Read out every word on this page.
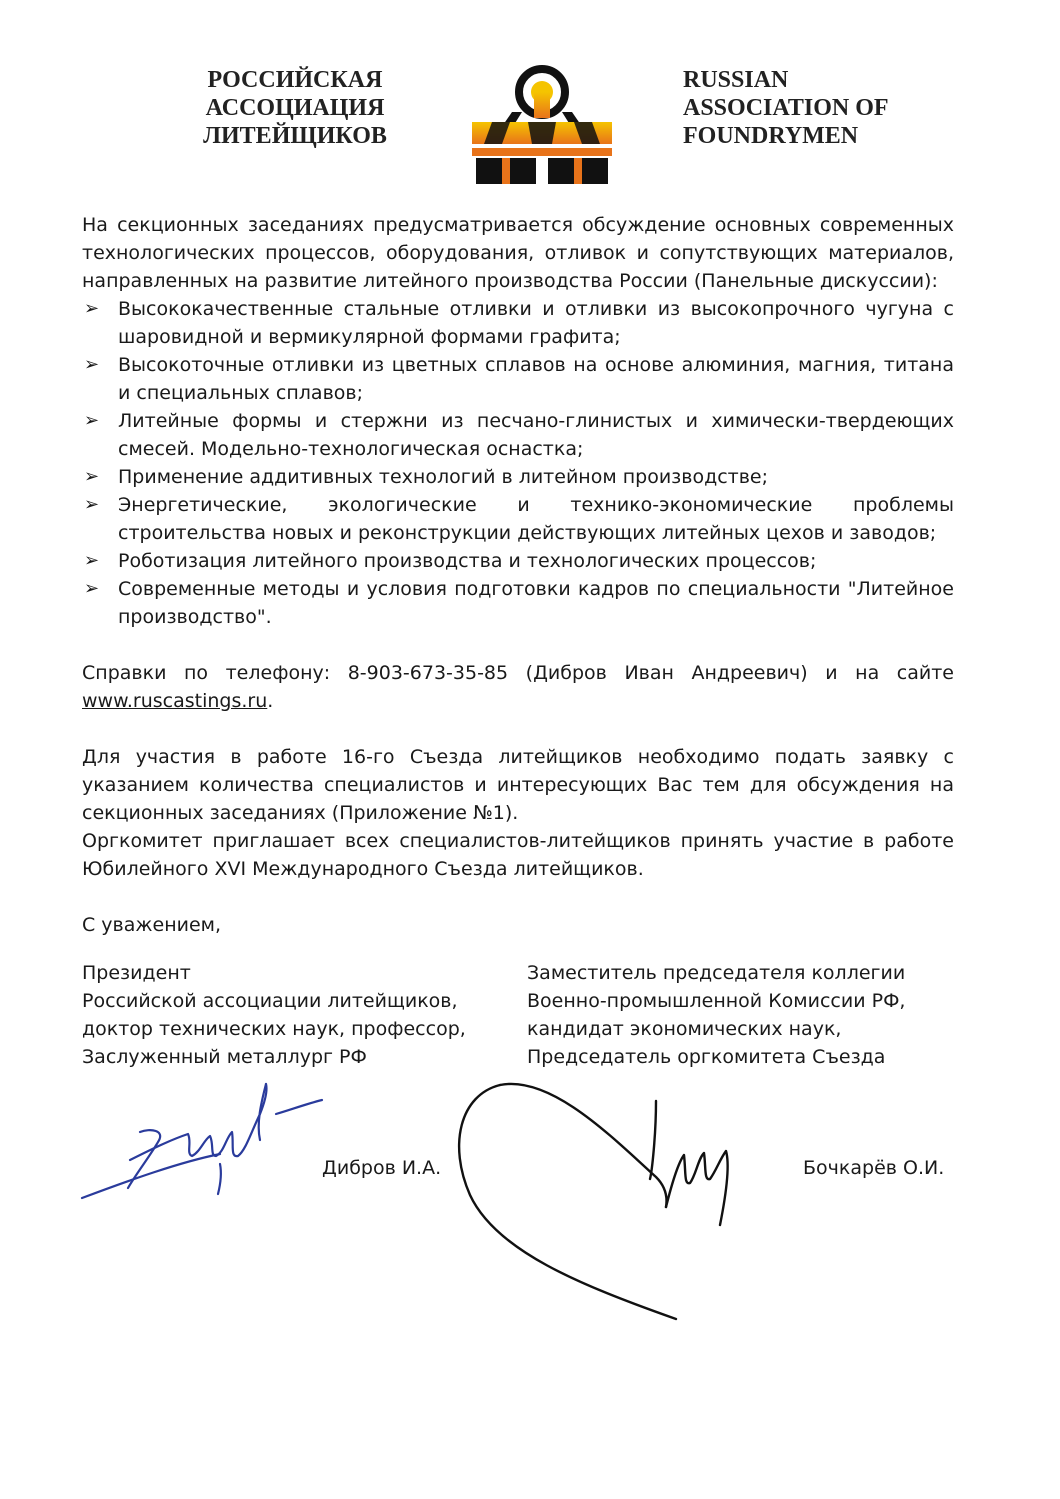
РОССИЙСКАЯ
АССОЦИАЦИЯ
ЛИТЕЙЩИКОВ
RUSSIAN
ASSOCIATION OF
FOUNDRYMEN

На секционных заседаниях предусматривается обсуждение основных современных технологических процессов, оборудования, отливок и сопутствующих материалов, направленных на развитие литейного производства России (Панельные дискуссии):

➢ Высококачественные стальные отливки и отливки из высокопрочного чугуна с шаровидной и вермикулярной формами графита;
➢ Высокоточные отливки из цветных сплавов на основе алюминия, магния, титана и специальных сплавов;
➢ Литейные формы и стержни из песчано-глинистых и химически-твердеющих смесей. Модельно-технологическая оснастка;
➢ Применение аддитивных технологий в литейном производстве;
➢ Энергетические, экологические и технико-экономические проблемы строительства новых и реконструкции действующих литейных цехов и заводов;
➢ Роботизация литейного производства и технологических процессов;
➢ Современные методы и условия подготовки кадров по специальности "Литейное производство".

Справки по телефону: 8-903-673-35-85 (Дибров Иван Андреевич) и на сайте www.ruscastings.ru.

Для участия в работе 16-го Съезда литейщиков необходимо подать заявку с указанием количества специалистов и интересующих Вас тем для обсуждения на секционных заседаниях (Приложение №1).

Оргкомитет приглашает всех специалистов-литейщиков принять участие в работе Юбилейного XVI Международного Съезда литейщиков.

С уважением,

Президент
Российской ассоциации литейщиков,
доктор технических наук, профессор,
Заслуженный металлург РФ
Заместитель председателя коллегии
Военно-промышленной Комиссии РФ,
кандидат экономических наук,
Председатель оргкомитета Съезда
Дибров И.А.	Бочкарёв О.И.
